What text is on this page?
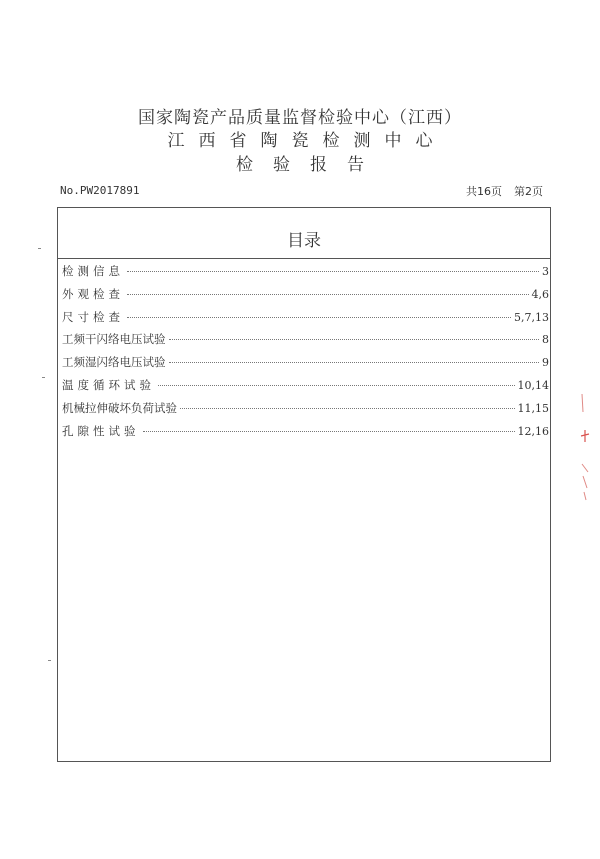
国家陶瓷产品质量监督检验中心（江西）
江西省陶瓷检测中心
检验报告
No.PW2017891	共16页 第2页
目录
检测信息	3
外观检查	4,6
尺寸检查	5,7,13
工频干闪络电压试验	8
工频湿闪络电压试验	9
温度循环试验	10,14
机械拉伸破坏负荷试验	11,15
孔隙性试验	12,16
